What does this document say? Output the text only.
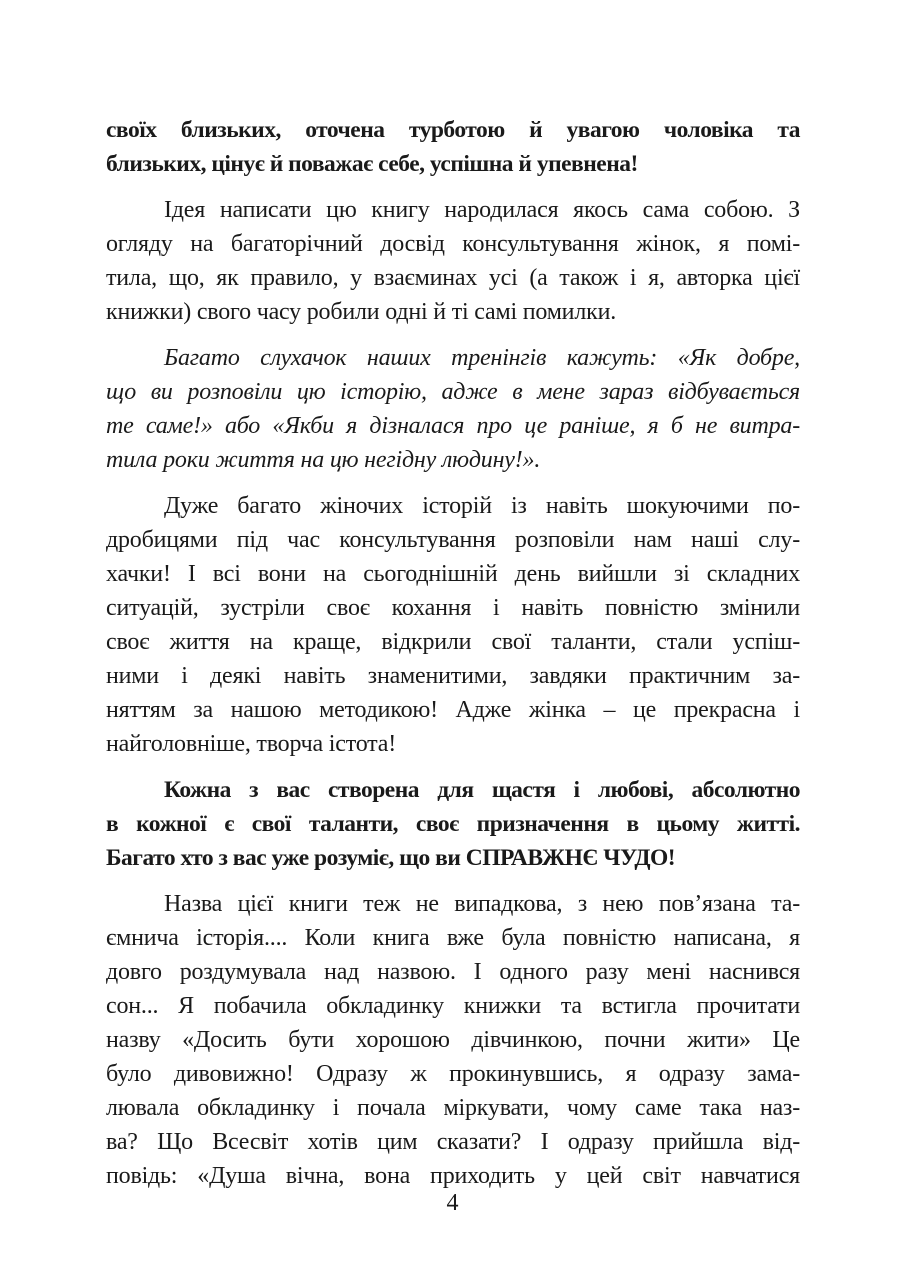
своїх близьких, оточена турботою й увагою чоловіка та
близьких, цінує й поважає себе, успішна й упевнена!
Ідея написати цю книгу народилася якось сама собою. З
огляду на багаторічний досвід консультування жінок, я помі-
тила, що, як правило, у взаєминах усі (а також і я, авторка цієї
книжки) свого часу робили одні й ті самі помилки.
Багато слухачок наших тренінгів кажуть: «Як добре,
що ви розповіли цю історію, адже в мене зараз відбувається
те саме!» або «Якби я дізналася про це раніше, я б не витра-
тила роки життя на цю негідну людину!».
Дуже багато жіночих історій із навіть шокуючими по-
дробицями під час консультування розповіли нам наші слу-
хачки! І всі вони на сьогоднішній день вийшли зі складних
ситуацій, зустріли своє кохання і навіть повністю змінили
своє життя на краще, відкрили свої таланти, стали успіш-
ними і деякі навіть знаменитими, завдяки практичним за-
няттям за нашою методикою! Адже жінка – це прекрасна і
найголовніше, творча істота!
Кожна з вас створена для щастя і любові, абсолютно
в кожної є свої таланти, своє призначення в цьому житті.
Багато хто з вас уже розуміє, що ви СПРАВЖНЄ ЧУДО!
Назва цієї книги теж не випадкова, з нею пов’язана та-
ємнича історія.... Коли книга вже була повністю написана, я
довго роздумувала над назвою. І одного разу мені наснився
сон... Я побачила обкладинку книжки та встигла прочитати
назву «Досить бути хорошою дівчинкою, почни жити» Це
було дивовижно! Одразу ж прокинувшись, я одразу зама-
лювала обкладинку і почала міркувати, чому саме така наз-
ва? Що Всесвіт хотів цим сказати? І одразу прийшла від-
повідь: «Душа вічна, вона приходить у цей світ навчатися
4
